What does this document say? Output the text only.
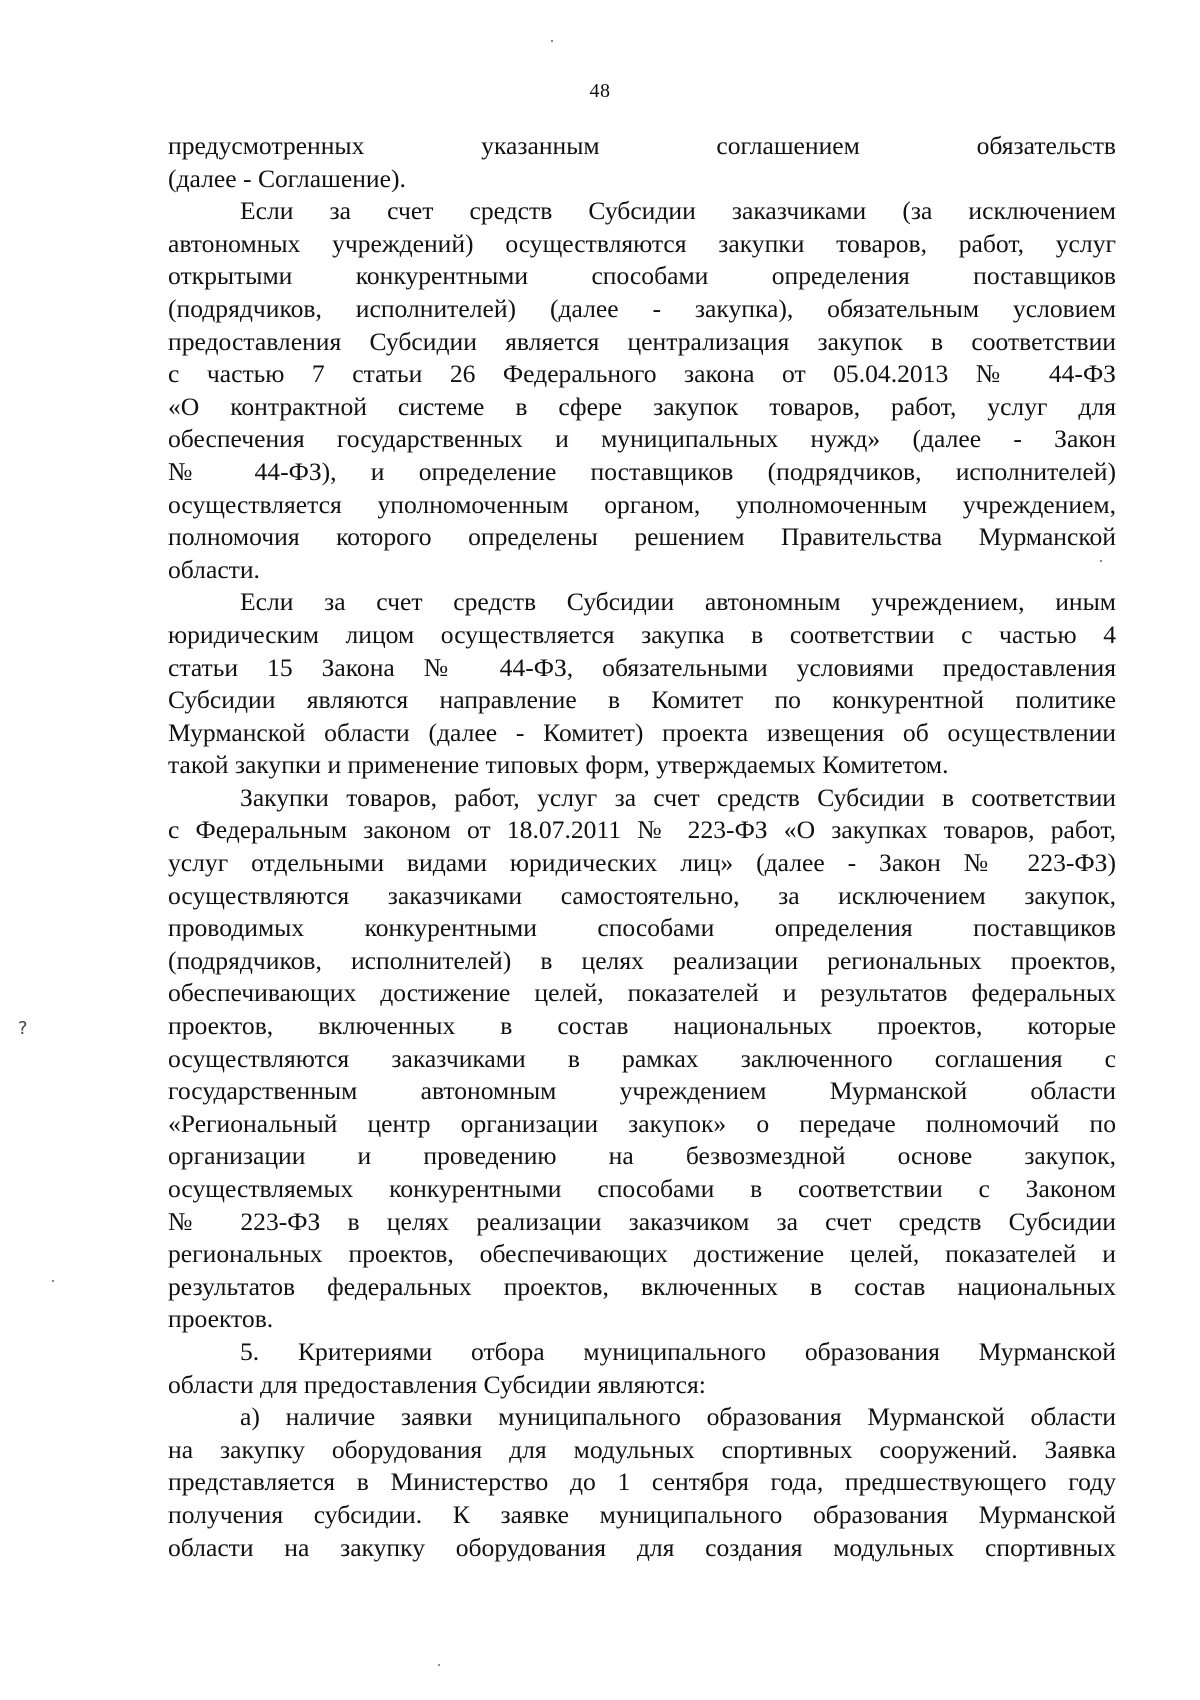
48
предусмотренных указанным соглашением обязательств
(далее - Соглашение).
Если за счет средств Субсидии заказчиками (за исключением
автономных учреждений) осуществляются закупки товаров, работ, услуг
открытыми конкурентными способами определения поставщиков
(подрядчиков, исполнителей) (далее - закупка), обязательным условием
предоставления Субсидии является централизация закупок в соответствии
с частью 7 статьи 26 Федерального закона от 05.04.2013 № 44-ФЗ
«О контрактной системе в сфере закупок товаров, работ, услуг для
обеспечения государственных и муниципальных нужд» (далее - Закон
№ 44-ФЗ), и определение поставщиков (подрядчиков, исполнителей)
осуществляется уполномоченным органом, уполномоченным учреждением,
полномочия которого определены решением Правительства Мурманской
области.
Если за счет средств Субсидии автономным учреждением, иным
юридическим лицом осуществляется закупка в соответствии с частью 4
статьи 15 Закона № 44-ФЗ, обязательными условиями предоставления
Субсидии являются направление в Комитет по конкурентной политике
Мурманской области (далее - Комитет) проекта извещения об осуществлении
такой закупки и применение типовых форм, утверждаемых Комитетом.
Закупки товаров, работ, услуг за счет средств Субсидии в соответствии
с Федеральным законом от 18.07.2011 № 223-ФЗ «О закупках товаров, работ,
услуг отдельными видами юридических лиц» (далее - Закон № 223-ФЗ)
осуществляются заказчиками самостоятельно, за исключением закупок,
проводимых конкурентными способами определения поставщиков
(подрядчиков, исполнителей) в целях реализации региональных проектов,
обеспечивающих достижение целей, показателей и результатов федеральных
проектов, включенных в состав национальных проектов, которые
осуществляются заказчиками в рамках заключенного соглашения с
государственным автономным учреждением Мурманской области
«Региональный центр организации закупок» о передаче полномочий по
организации и проведению на безвозмездной основе закупок,
осуществляемых конкурентными способами в соответствии с Законом
№ 223-ФЗ в целях реализации заказчиком за счет средств Субсидии
региональных проектов, обеспечивающих достижение целей, показателей и
результатов федеральных проектов, включенных в состав национальных
проектов.
5. Критериями отбора муниципального образования Мурманской
области для предоставления Субсидии являются:
а) наличие заявки муниципального образования Мурманской области
на закупку оборудования для модульных спортивных сооружений. Заявка
представляется в Министерство до 1 сентября года, предшествующего году
получения субсидии. К заявке муниципального образования Мурманской
области на закупку оборудования для создания модульных спортивных
?
